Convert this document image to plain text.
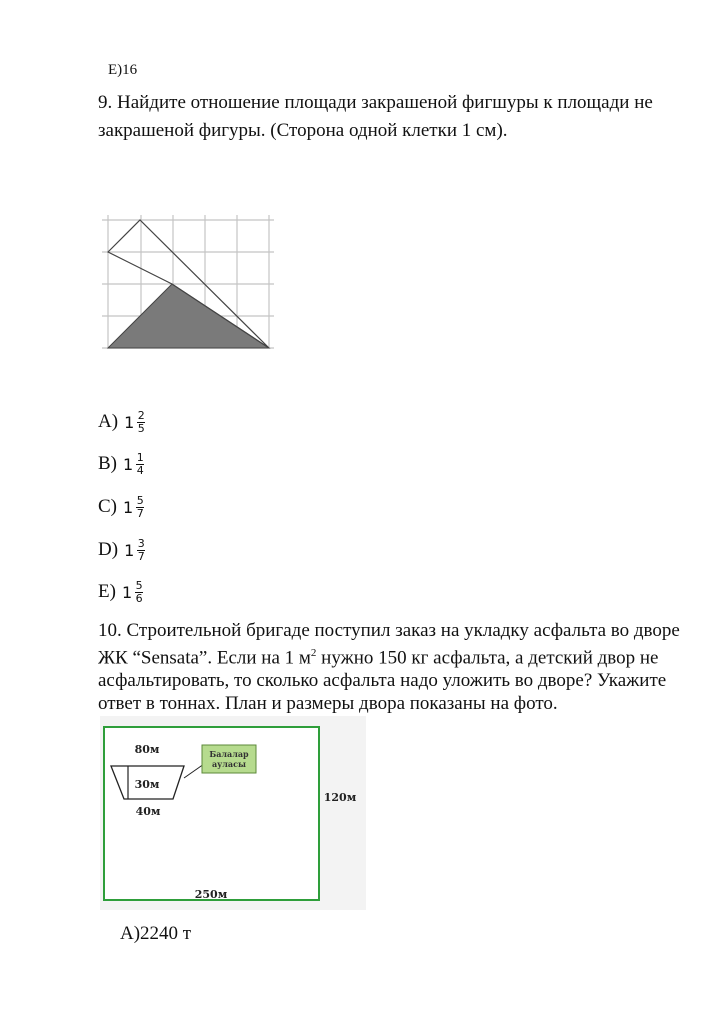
E)16
9. Найдите отношение площади закрашеной фигшуры к площади не закрашеной фигуры. (Сторона одной клетки 1 см).
A) $1 \frac{2}{5}$
B) $1 \frac{1}{4}$
C) $1 \frac{5}{7}$
D) $1 \frac{3}{7}$
E) $1 \frac{5}{6}$
10. Строительной бригаде поступил заказ на укладку асфальта во дворе ЖК “Sensata”. Если на 1 $м^2$ нужно 150 кг асфальта, а детский двор не асфальтировать, то сколько асфальта надо уложить во дворе? Укажите ответ в тоннах. План и размеры двора показаны на фото.
Балалар
ауласы
80м
30м
40м
120м
250м
A)2240 т
